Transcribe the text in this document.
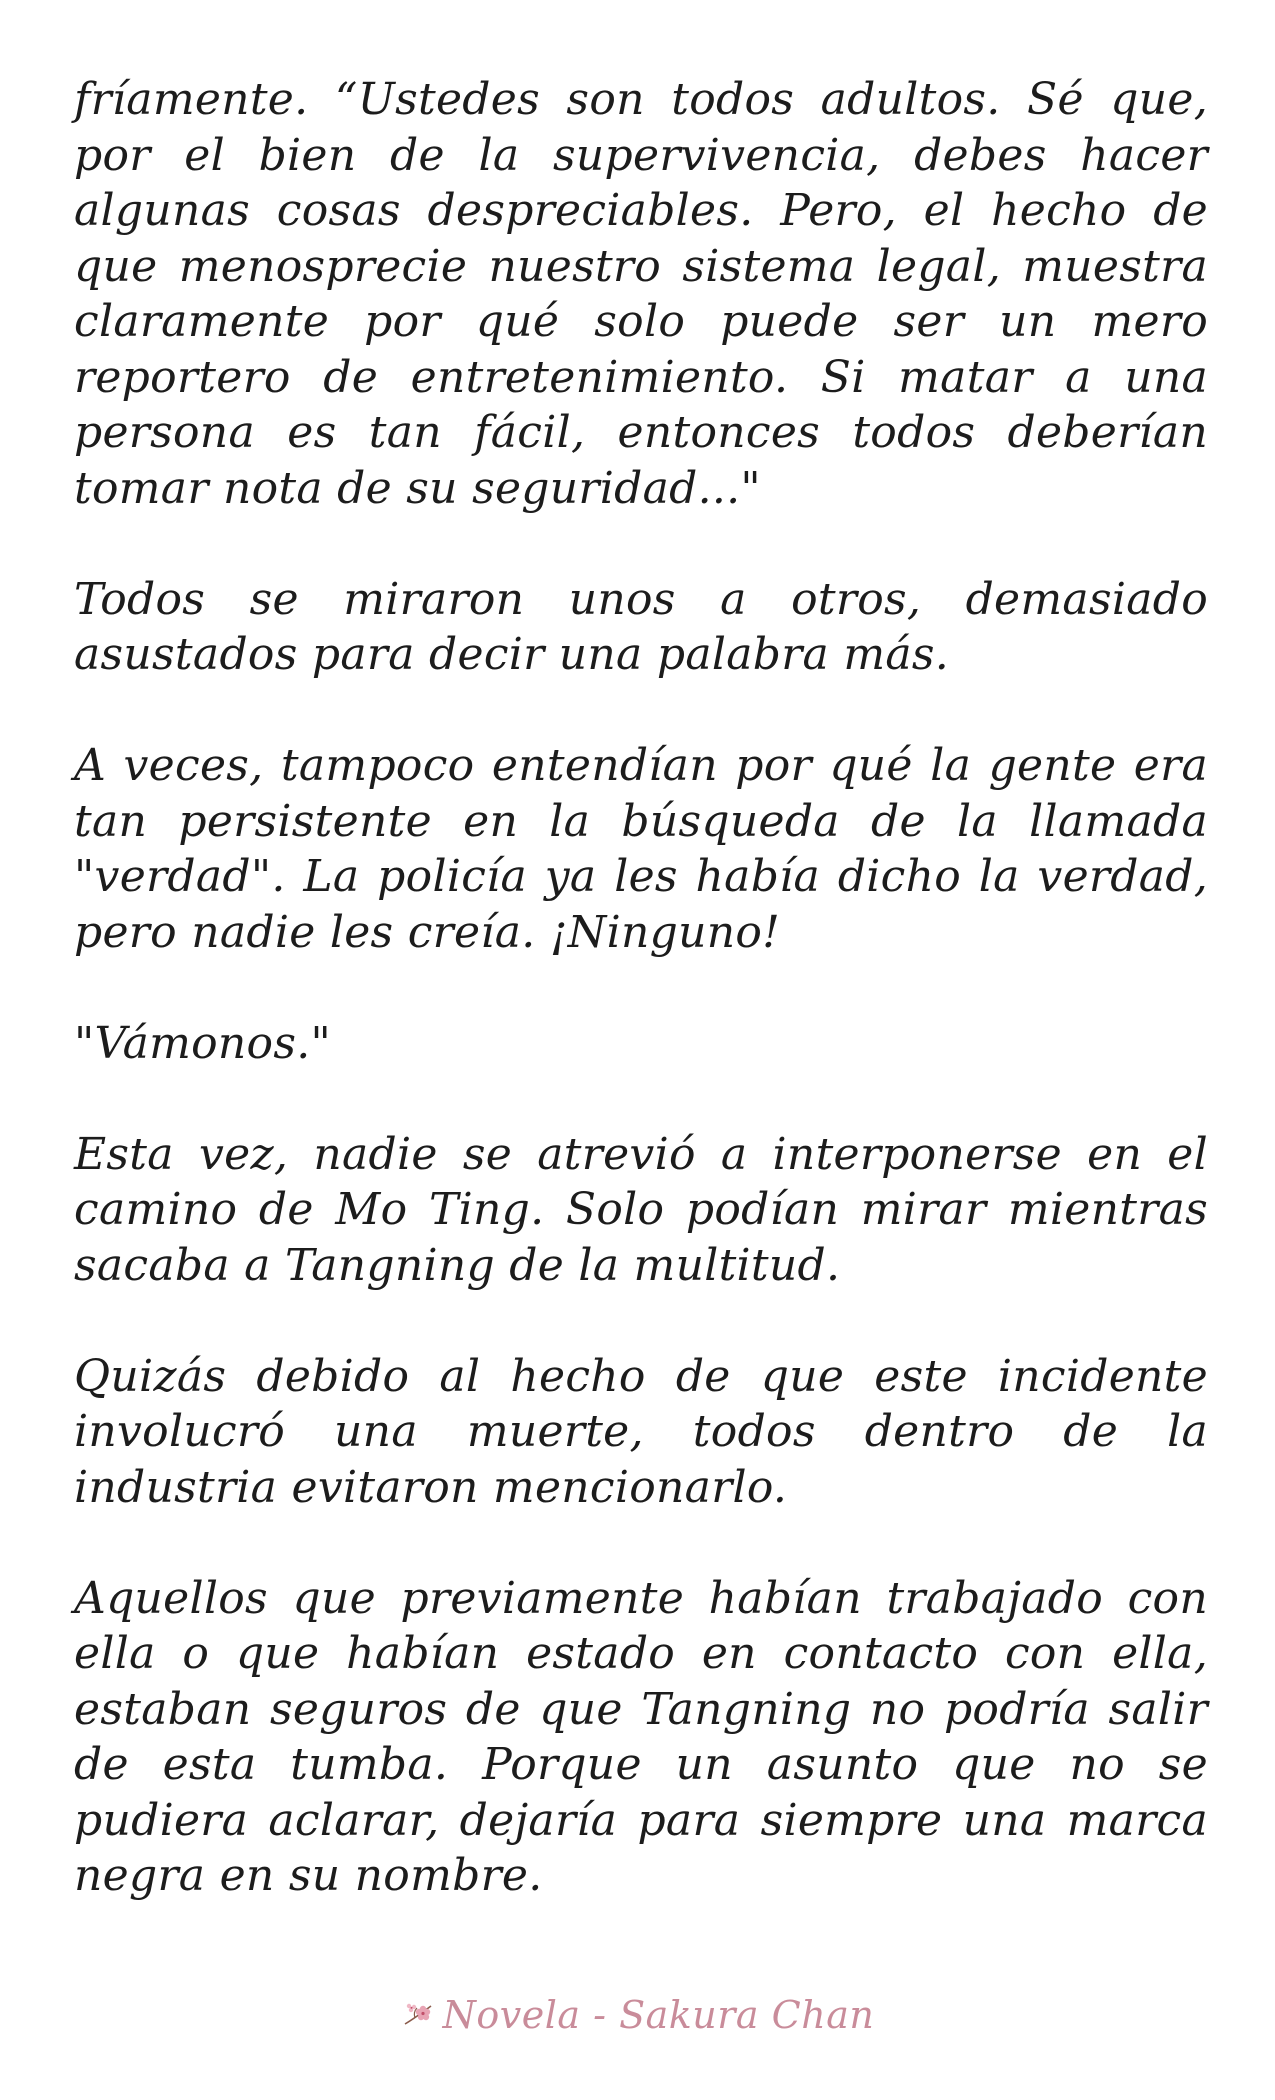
fríamente. “Ustedes son todos adultos. Sé que, por el bien de la supervivencia, debes hacer algunas cosas despreciables. Pero, el hecho de que menosprecie nuestro sistema legal, muestra claramente por qué solo puede ser un mero reportero de entretenimiento. Si matar a una persona es tan fácil, entonces todos deberían tomar nota de su seguridad..."

Todos se miraron unos a otros, demasiado asustados para decir una palabra más.

A veces, tampoco entendían por qué la gente era tan persistente en la búsqueda de la llamada "verdad". La policía ya les había dicho la verdad, pero nadie les creía. ¡Ninguno!

"Vámonos."

Esta vez, nadie se atrevió a interponerse en el camino de Mo Ting. Solo podían mirar mientras sacaba a Tangning de la multitud.

Quizás debido al hecho de que este incidente involucró una muerte, todos dentro de la industria evitaron mencionarlo.

Aquellos que previamente habían trabajado con ella o que habían estado en contacto con ella, estaban seguros de que Tangning no podría salir de esta tumba. Porque un asunto que no se pudiera aclarar, dejaría para siempre una marca negra en su nombre.

Novela - Sakura Chan
